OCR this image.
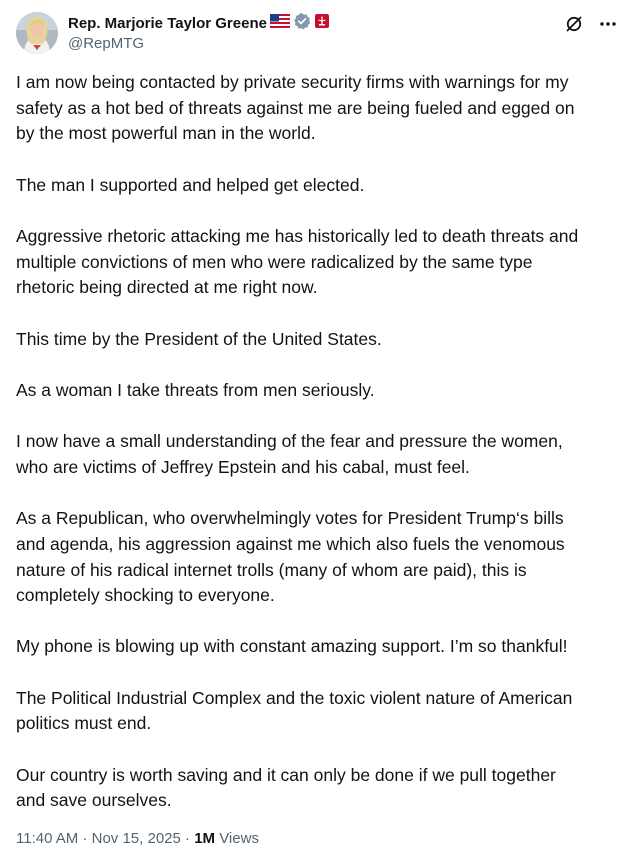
Rep. Marjorie Taylor Greene
@RepMTG

I am now being contacted by private security firms with warnings for my
safety as a hot bed of threats against me are being fueled and egged on
by the most powerful man in the world.

The man I supported and helped get elected.

Aggressive rhetoric attacking me has historically led to death threats and
multiple convictions of men who were radicalized by the same type
rhetoric being directed at me right now.

This time by the President of the United States.

As a woman I take threats from men seriously.

I now have a small understanding of the fear and pressure the women,
who are victims of Jeffrey Epstein and his cabal, must feel.

As a Republican, who overwhelmingly votes for President Trump‘s bills
and agenda, his aggression against me which also fuels the venomous
nature of his radical internet trolls (many of whom are paid), this is
completely shocking to everyone.

My phone is blowing up with constant amazing support. I’m so thankful!

The Political Industrial Complex and the toxic violent nature of American
politics must end.

Our country is worth saving and it can only be done if we pull together
and save ourselves.

11:40 AM · Nov 15, 2025 · 1M Views
